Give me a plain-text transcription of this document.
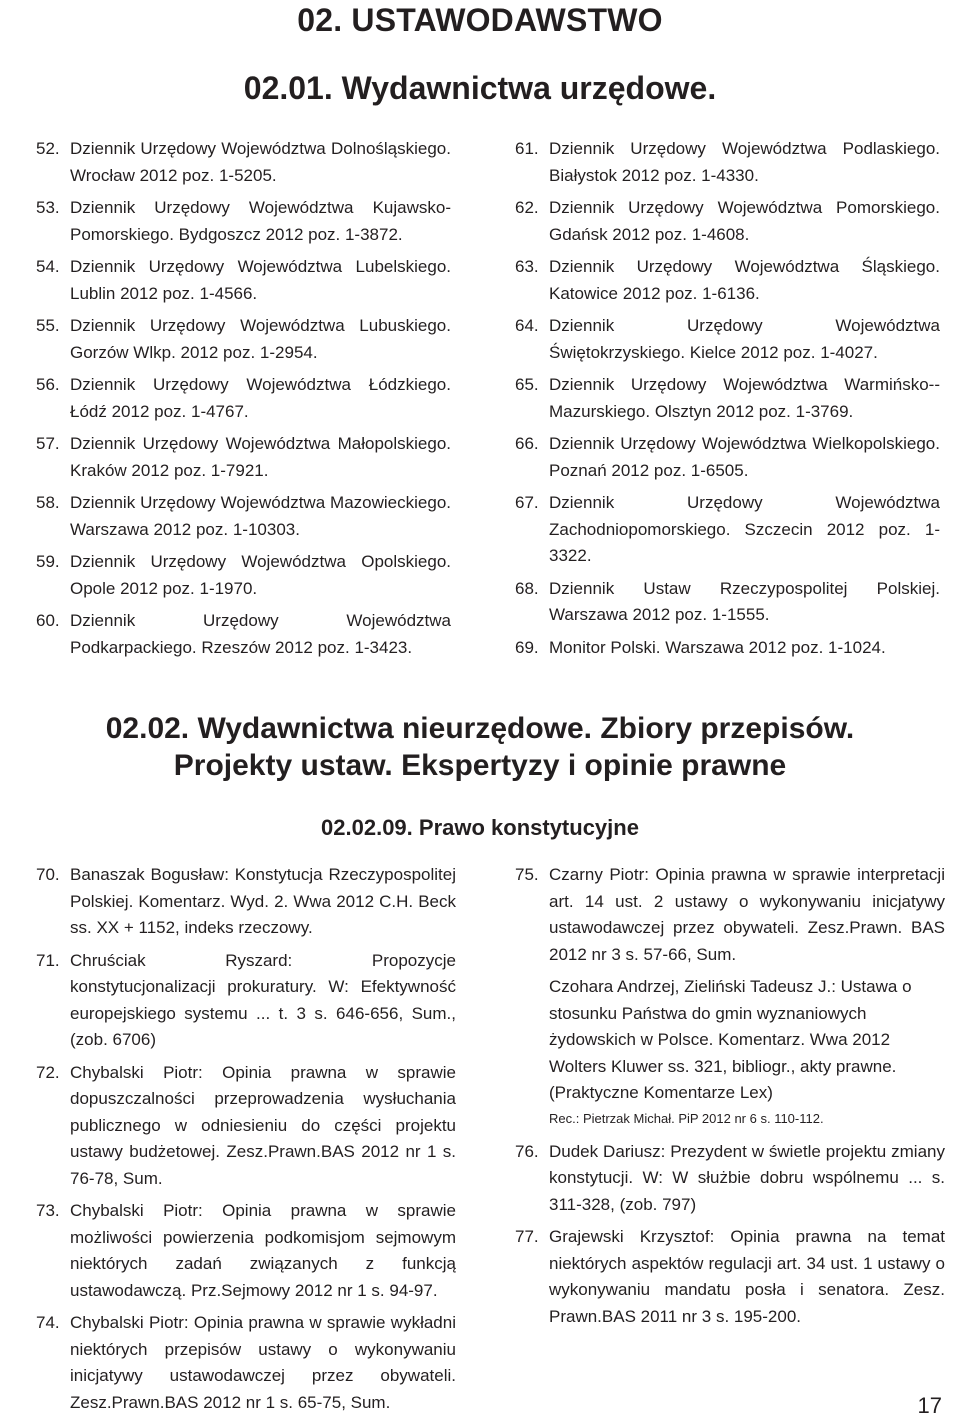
02. USTAWODAWSTWO
02.01. Wydawnictwa urzędowe.
52. Dziennik Urzędowy Województwa Dolnośląskiego. Wrocław 2012 poz. 1-5205.
53. Dziennik Urzędowy Województwa Kujawsko-Pomorskiego. Bydgoszcz 2012 poz. 1-3872.
54. Dziennik Urzędowy Województwa Lubelskiego. Lublin 2012 poz. 1-4566.
55. Dziennik Urzędowy Województwa Lubuskiego. Gorzów Wlkp. 2012 poz. 1-2954.
56. Dziennik Urzędowy Województwa Łódzkiego. Łódź 2012 poz. 1-4767.
57. Dziennik Urzędowy Województwa Małopolskiego. Kraków 2012 poz. 1-7921.
58. Dziennik Urzędowy Województwa Mazowieckiego. Warszawa 2012 poz. 1-10303.
59. Dziennik Urzędowy Województwa Opolskiego. Opole 2012 poz. 1-1970.
60. Dziennik Urzędowy Województwa Podkarpackiego. Rzeszów 2012 poz. 1-3423.
61. Dziennik Urzędowy Województwa Podlaskiego. Białystok 2012 poz. 1-4330.
62. Dziennik Urzędowy Województwa Pomorskiego. Gdańsk 2012 poz. 1-4608.
63. Dziennik Urzędowy Województwa Śląskiego. Katowice 2012 poz. 1-6136.
64. Dziennik Urzędowy Województwa Świętokrzyskiego. Kielce 2012 poz. 1-4027.
65. Dziennik Urzędowy Województwa Warmińsko--Mazurskiego. Olsztyn 2012 poz. 1-3769.
66. Dziennik Urzędowy Województwa Wielkopolskiego. Poznań 2012 poz. 1-6505.
67. Dziennik Urzędowy Województwa Zachodniopomorskiego. Szczecin 2012 poz. 1-3322.
68. Dziennik Ustaw Rzeczypospolitej Polskiej. Warszawa 2012 poz. 1-1555.
69. Monitor Polski. Warszawa 2012 poz. 1-1024.
02.02. Wydawnictwa nieurzędowe. Zbiory przepisów.
Projekty ustaw. Ekspertyzy i opinie prawne
02.02.09. Prawo konstytucyjne
70. Banaszak Bogusław: Konstytucja Rzeczypospolitej Polskiej. Komentarz. Wyd. 2. Wwa 2012 C.H. Beck ss. XX + 1152, indeks rzeczowy.
71. Chruściak Ryszard: Propozycje konstytucjonalizacji prokuratury. W: Efektywność europejskiego systemu ... t. 3 s. 646-656, Sum., (zob. 6706)
72. Chybalski Piotr: Opinia prawna w sprawie dopuszczalności przeprowadzenia wysłuchania publicznego w odniesieniu do części projektu ustawy budżetowej. Zesz.Prawn.BAS 2012 nr 1 s. 76-78, Sum.
73. Chybalski Piotr: Opinia prawna w sprawie możliwości powierzenia podkomisjom sejmowym niektórych zadań związanych z funkcją ustawodawczą. Prz.Sejmowy 2012 nr 1 s. 94-97.
74. Chybalski Piotr: Opinia prawna w sprawie wykładni niektórych przepisów ustawy o wykonywaniu inicjatywy ustawodawczej przez obywateli. Zesz.Prawn.BAS 2012 nr 1 s. 65-75, Sum.
75. Czarny Piotr: Opinia prawna w sprawie interpretacji art. 14 ust. 2 ustawy o wykonywaniu inicjatywy ustawodawczej przez obywateli. Zesz.Prawn. BAS 2012 nr 3 s. 57-66, Sum.
Czohara Andrzej, Zieliński Tadeusz J.: Ustawa o stosunku Państwa do gmin wyznaniowych żydowskich w Polsce. Komentarz. Wwa 2012 Wolters Kluwer ss. 321, bibliogr., akty prawne. (Praktyczne Komentarze Lex)
Rec.: Pietrzak Michał. PiP 2012 nr 6 s. 110-112.
76. Dudek Dariusz: Prezydent w świetle projektu zmiany konstytucji. W: W służbie dobru wspólnemu ... s. 311-328, (zob. 797)
77. Grajewski Krzysztof: Opinia prawna na temat niektórych aspektów regulacji art. 34 ust. 1 ustawy o wykonywaniu mandatu posła i senatora. Zesz. Prawn.BAS 2011 nr 3 s. 195-200.
17
